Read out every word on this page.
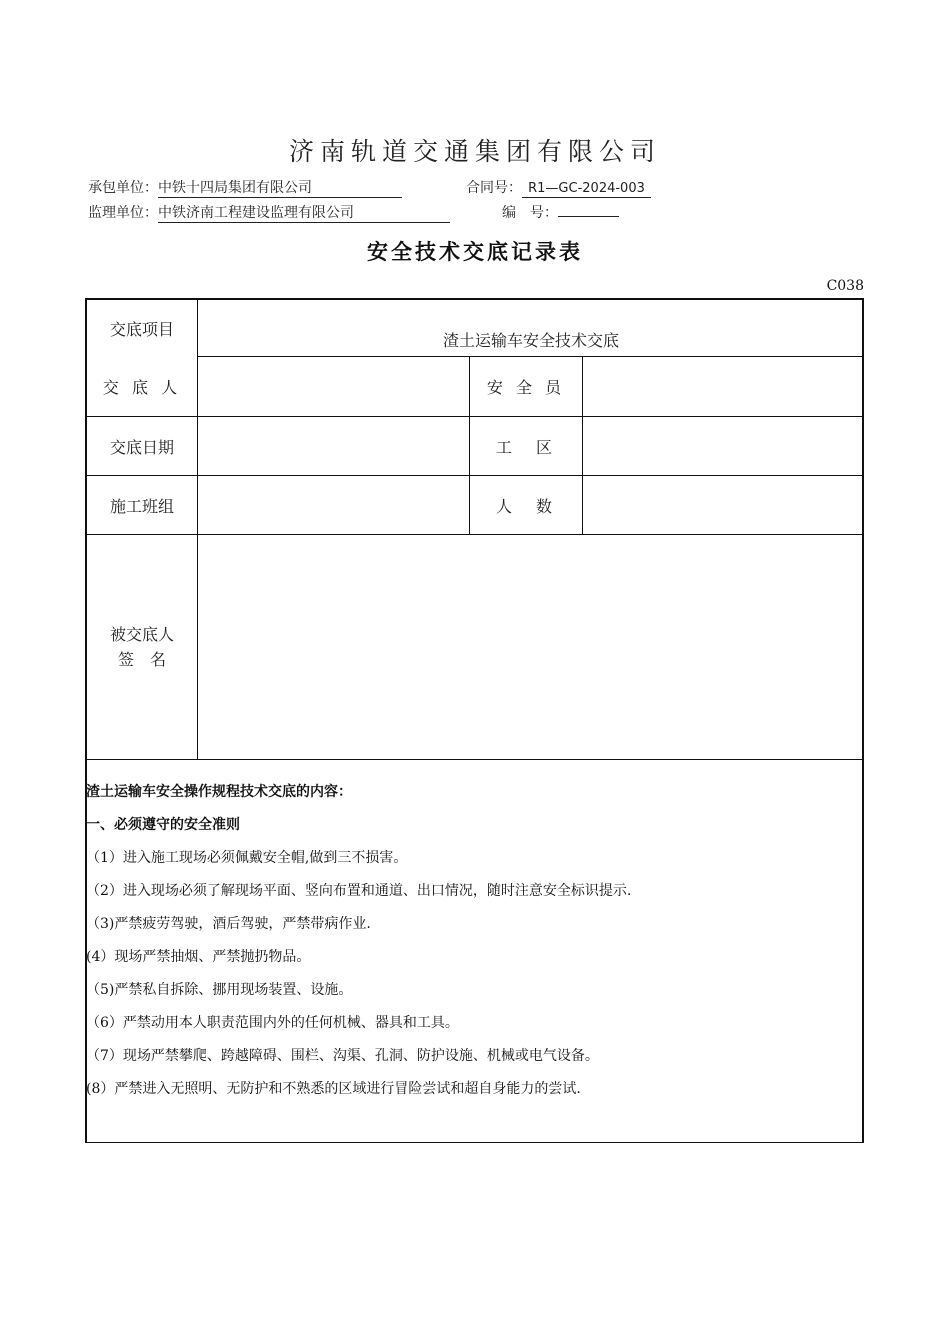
济南轨道交通集团有限公司
承包单位：中铁十四局集团有限公司	合同号： R1—GC-2024-003
监理单位：中铁济南工程建设监理有限公司	编　号：
安全技术交底记录表
C038
交底项目
渣土运输车安全技术交底
交 底 人	安 全 员
交底日期	工　区
施工班组	人　数
被交底人
签　名
渣土运输车安全操作规程技术交底的内容：
一、必须遵守的安全准则
（1）进入施工现场必须佩戴安全帽,做到三不损害。
（2）进入现场必须了解现场平面、竖向布置和通道、出口情况，随时注意安全标识提示.
（3)严禁疲劳驾驶，酒后驾驶，严禁带病作业.
(4）现场严禁抽烟、严禁抛扔物品。
（5)严禁私自拆除、挪用现场装置、设施。
（6）严禁动用本人职责范围内外的任何机械、器具和工具。
（7）现场严禁攀爬、跨越障碍、围栏、沟渠、孔洞、防护设施、机械或电气设备。
(8）严禁进入无照明、无防护和不熟悉的区域进行冒险尝试和超自身能力的尝试.
